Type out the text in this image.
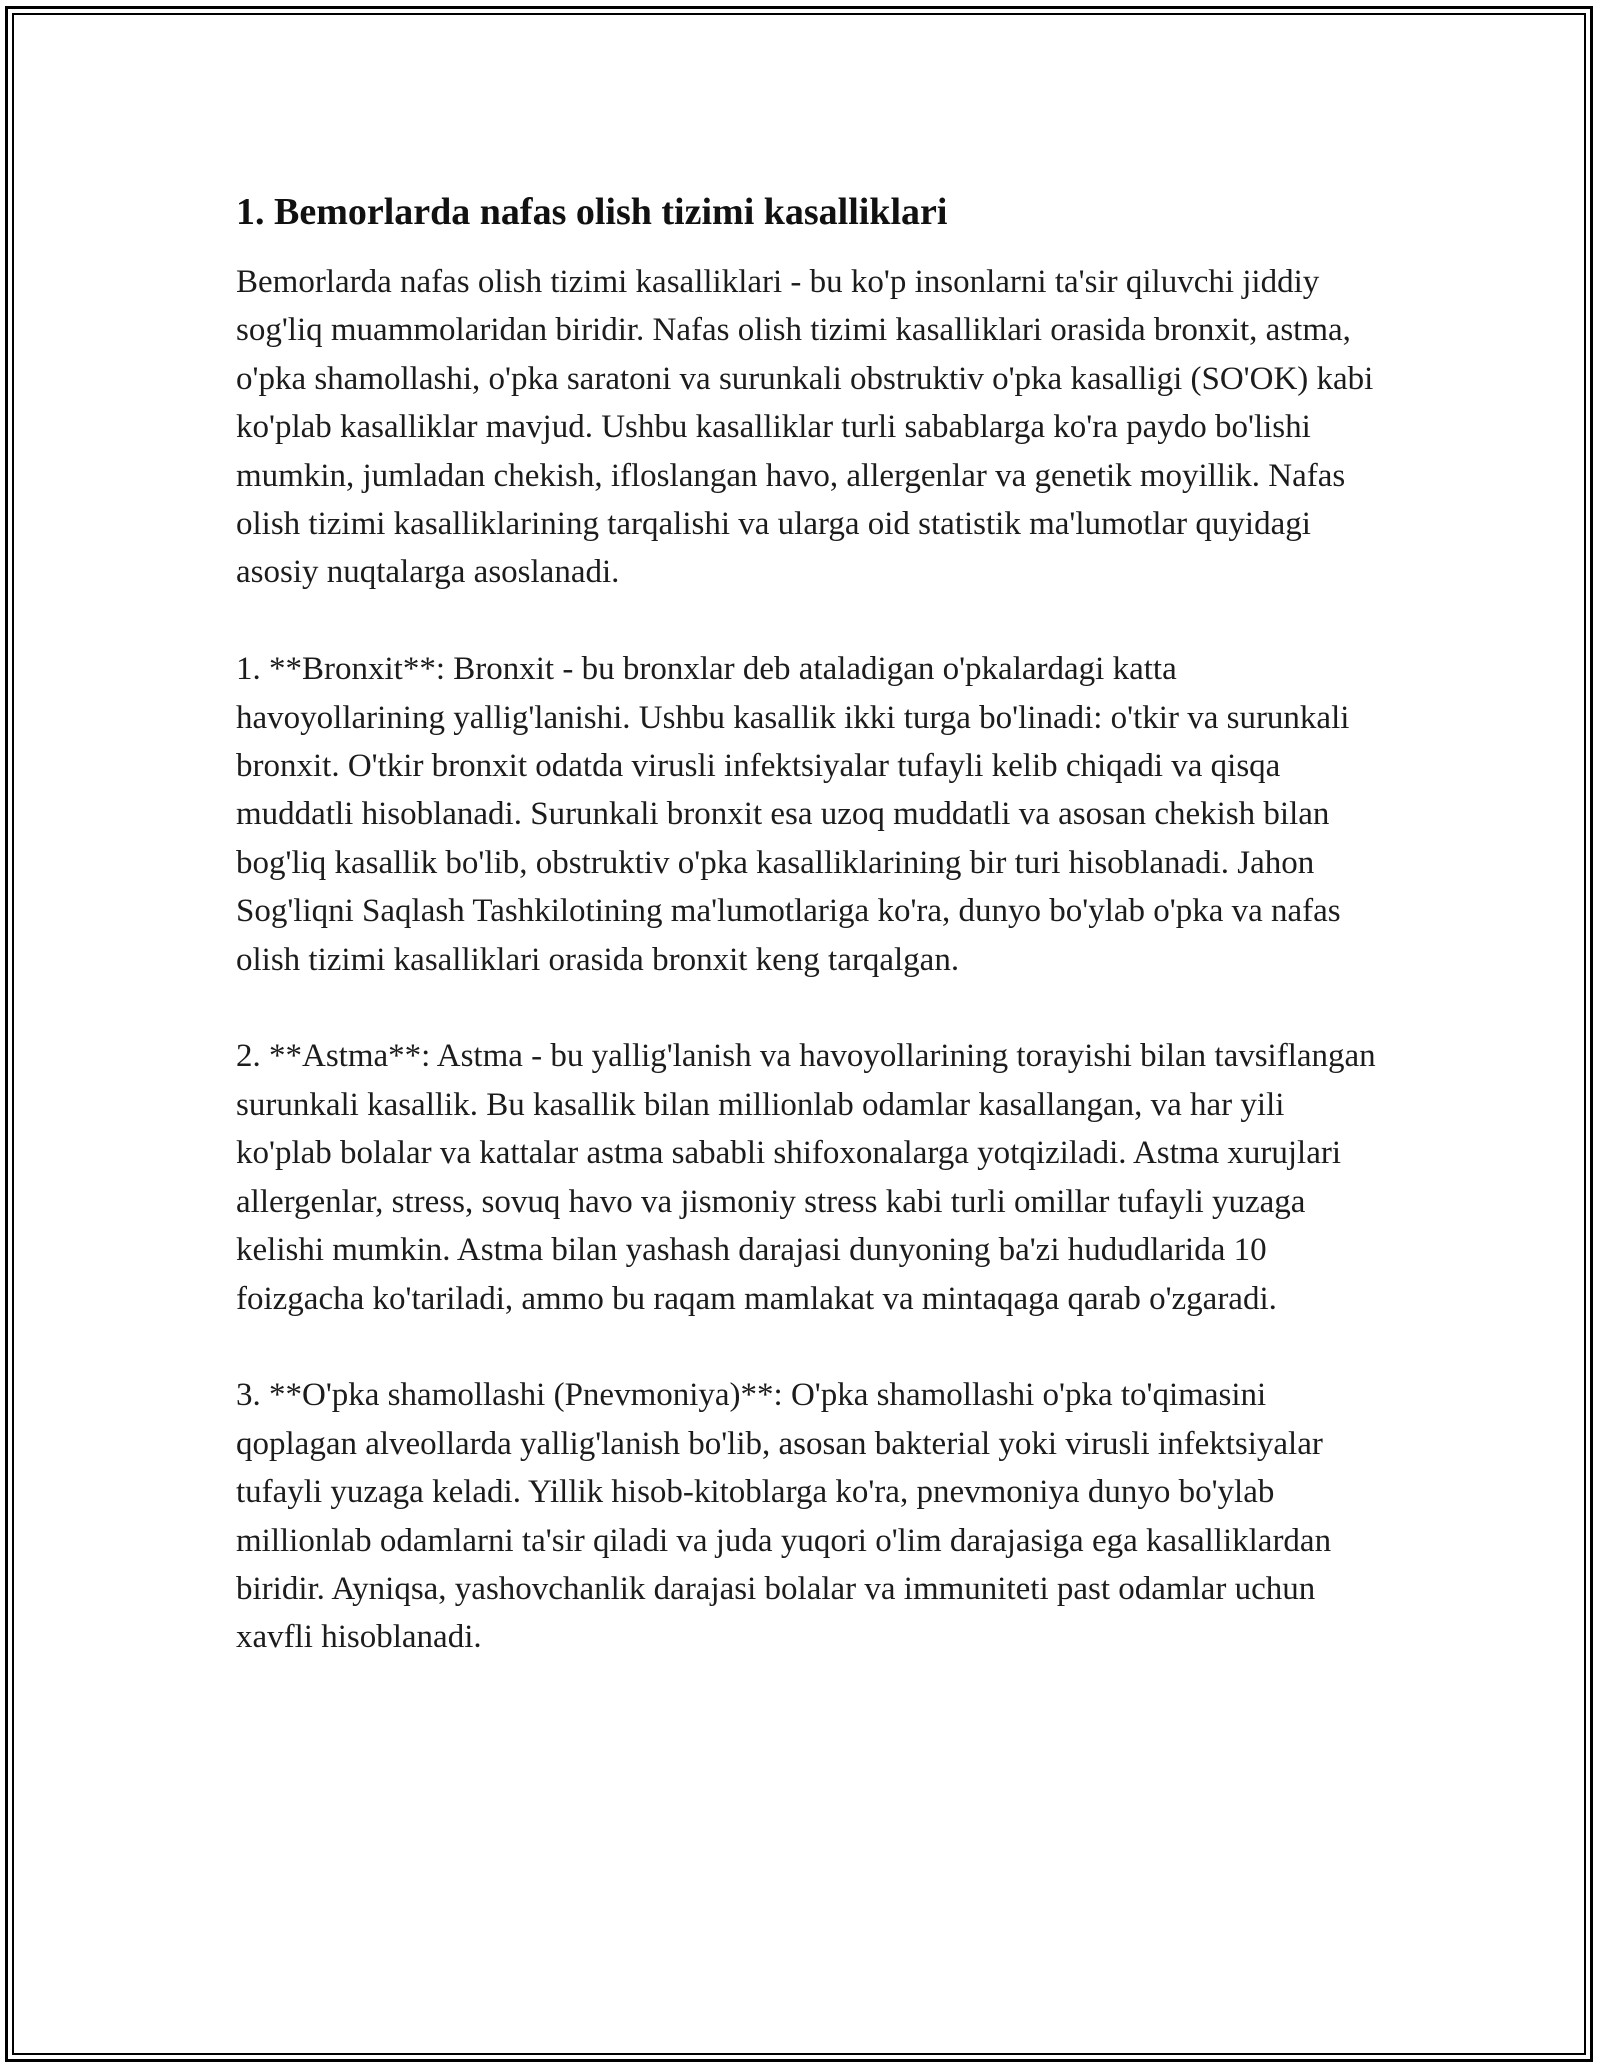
1. Bemorlarda nafas olish tizimi kasalliklari

Bemorlarda nafas olish tizimi kasalliklari - bu ko'p insonlarni ta'sir qiluvchi jiddiy sog'liq muammolaridan biridir. Nafas olish tizimi kasalliklari orasida bronxit, astma, o'pka shamollashi, o'pka saratoni va surunkali obstruktiv o'pka kasalligi (SO'OK) kabi ko'plab kasalliklar mavjud. Ushbu kasalliklar turli sabablarga ko'ra paydo bo'lishi mumkin, jumladan chekish, ifloslangan havo, allergenlar va genetik moyillik. Nafas olish tizimi kasalliklarining tarqalishi va ularga oid statistik ma'lumotlar quyidagi asosiy nuqtalarga asoslanadi.

1. **Bronxit**: Bronxit - bu bronxlar deb ataladigan o'pkalardagi katta havoyollarining yallig'lanishi. Ushbu kasallik ikki turga bo'linadi: o'tkir va surunkali bronxit. O'tkir bronxit odatda virusli infektsiyalar tufayli kelib chiqadi va qisqa muddatli hisoblanadi. Surunkali bronxit esa uzoq muddatli va asosan chekish bilan bog'liq kasallik bo'lib, obstruktiv o'pka kasalliklarining bir turi hisoblanadi. Jahon Sog'liqni Saqlash Tashkilotining ma'lumotlariga ko'ra, dunyo bo'ylab o'pka va nafas olish tizimi kasalliklari orasida bronxit keng tarqalgan.

2. **Astma**: Astma - bu yallig'lanish va havoyollarining torayishi bilan tavsiflangan surunkali kasallik. Bu kasallik bilan millionlab odamlar kasallangan, va har yili ko'plab bolalar va kattalar astma sababli shifoxonalarga yotqiziladi. Astma xurujlari allergenlar, stress, sovuq havo va jismoniy stress kabi turli omillar tufayli yuzaga kelishi mumkin. Astma bilan yashash darajasi dunyoning ba'zi hududlarida 10 foizgacha ko'tariladi, ammo bu raqam mamlakat va mintaqaga qarab o'zgaradi.

3. **O'pka shamollashi (Pnevmoniya)**: O'pka shamollashi o'pka to'qimasini qoplagan alveollarda yallig'lanish bo'lib, asosan bakterial yoki virusli infektsiyalar tufayli yuzaga keladi. Yillik hisob-kitoblarga ko'ra, pnevmoniya dunyo bo'ylab millionlab odamlarni ta'sir qiladi va juda yuqori o'lim darajasiga ega kasalliklardan biridir. Ayniqsa, yashovchanlik darajasi bolalar va immuniteti past odamlar uchun xavfli hisoblanadi.
